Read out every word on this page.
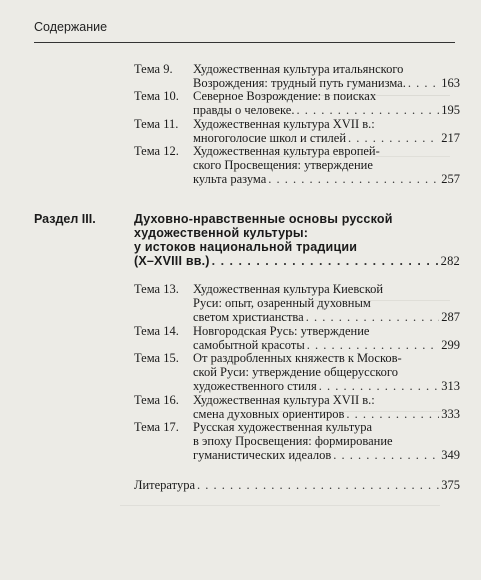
Содержание
Тема 9.	Художественная культура итальянского
Возрождения: трудный путь гуманизма. . . .	163
Тема 10.	Северное Возрождение: в поисках
правды о человеке. . . .	195
Тема 11.	Художественная культура XVII в.:
многоголосие школ и стилей . . .	217
Тема 12.	Художественная культура европей-
ского Просвещения: утверждение
культа разума . . .	257
Раздел III.	Духовно-нравственные основы русской
художественной культуры:
у истоков национальной традиции
(X–XVIII вв.) . . .	282
Тема 13.	Художественная культура Киевской
Руси: опыт, озаренный духовным
светом христианства . . .	287
Тема 14.	Новгородская Русь: утверждение
самобытной красоты . . .	299
Тема 15.	От раздробленных княжеств к Москов-
ской Руси: утверждение общерусского
художественного стиля . . .	313
Тема 16.	Художественная культура XVII в.:
смена духовных ориентиров . . .	333
Тема 17.	Русская художественная культура
в эпоху Просвещения: формирование
гуманистических идеалов . . .	349
Литература . . .	375
